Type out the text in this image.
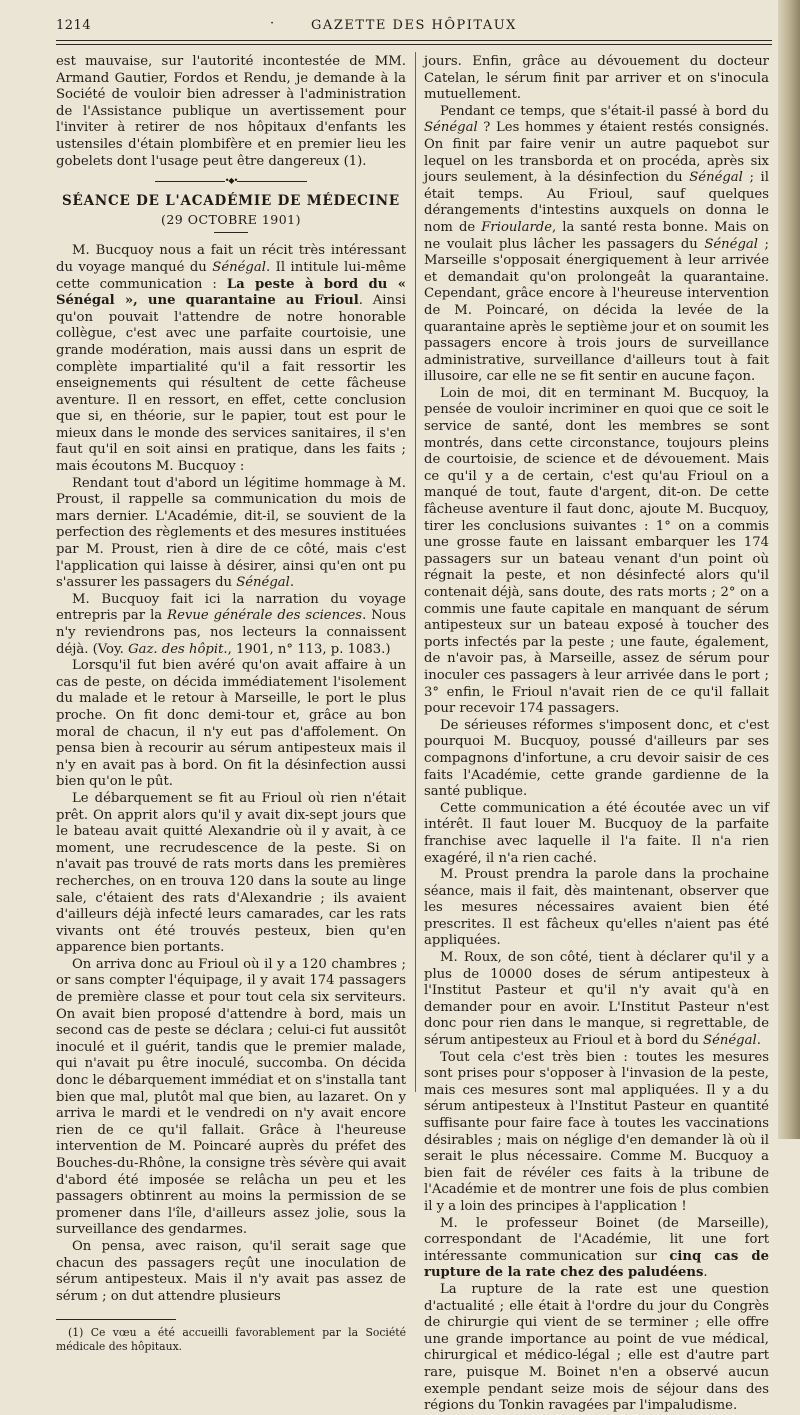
1214	·	GAZETTE DES HÔPITAUX

est mauvaise, sur l'autorité incontestée de MM. Armand Gautier, Fordos et Rendu, je demande à la Société de vouloir bien adresser à l'administration de l'Assistance publique un avertissement pour l'inviter à retirer de nos hôpitaux d'enfants les ustensiles d'étain plombifère et en premier lieu les gobelets dont l'usage peut être dangereux (1).

•◆•
SÉANCE DE L'ACADÉMIE DE MÉDECINE
(29 OCTOBRE 1901)

M. Bucquoy nous a fait un récit très intéressant du voyage manqué du Sénégal. Il intitule lui-même cette communication : La peste à bord du « Sénégal », une quarantaine au Frioul. Ainsi qu'on pouvait l'attendre de notre honorable collègue, c'est avec une parfaite courtoisie, une grande modération, mais aussi dans un esprit de complète impartialité qu'il a fait ressortir les enseignements qui résultent de cette fâcheuse aventure. Il en ressort, en effet, cette conclusion que si, en théorie, sur le papier, tout est pour le mieux dans le monde des services sanitaires, il s'en faut qu'il en soit ainsi en pratique, dans les faits ; mais écoutons M. Bucquoy :

Rendant tout d'abord un légitime hommage à M. Proust, il rappelle sa communication du mois de mars dernier. L'Académie, dit-il, se souvient de la perfection des règlements et des mesures instituées par M. Proust, rien à dire de ce côté, mais c'est l'application qui laisse à désirer, ainsi qu'en ont pu s'assurer les passagers du Sénégal.

M. Bucquoy fait ici la narration du voyage entrepris par la Revue générale des sciences. Nous n'y reviendrons pas, nos lecteurs la connaissent déjà. (Voy. Gaz. des hôpit., 1901, n° 113, p. 1083.)

Lorsqu'il fut bien avéré qu'on avait affaire à un cas de peste, on décida immédiatement l'isolement du malade et le retour à Marseille, le port le plus proche. On fit donc demi-tour et, grâce au bon moral de chacun, il n'y eut pas d'affolement. On pensa bien à recourir au sérum antipesteux mais il n'y en avait pas à bord. On fit la désinfection aussi bien qu'on le pût.

Le débarquement se fit au Frioul où rien n'était prêt. On apprit alors qu'il y avait dix-sept jours que le bateau avait quitté Alexandrie où il y avait, à ce moment, une recrudescence de la peste. Si on n'avait pas trouvé de rats morts dans les premières recherches, on en trouva 120 dans la soute au linge sale, c'étaient des rats d'Alexandrie ; ils avaient d'ailleurs déjà infecté leurs camarades, car les rats vivants ont été trouvés pesteux, bien qu'en apparence bien portants.

On arriva donc au Frioul où il y a 120 chambres ; or sans compter l'équipage, il y avait 174 passagers de première classe et pour tout cela six serviteurs. On avait bien proposé d'attendre à bord, mais un second cas de peste se déclara ; celui-ci fut aussitôt inoculé et il guérit, tandis que le premier malade, qui n'avait pu être inoculé, succomba. On décida donc le débarquement immédiat et on s'installa tant bien que mal, plutôt mal que bien, au lazaret. On y arriva le mardi et le vendredi on n'y avait encore rien de ce qu'il fallait. Grâce à l'heureuse intervention de M. Poincaré auprès du préfet des Bouches-du-Rhône, la consigne très sévère qui avait d'abord été imposée se relâcha un peu et les passagers obtinrent au moins la permission de se promener dans l'île, d'ailleurs assez jolie, sous la surveillance des gendarmes.

On pensa, avec raison, qu'il serait sage que chacun des passagers reçût une inoculation de sérum antipesteux. Mais il n'y avait pas assez de sérum ; on dut attendre plusieurs

(1) Ce vœu a été accueilli favorablement par la Société médicale des hôpitaux.

jours. Enfin, grâce au dévouement du docteur Catelan, le sérum finit par arriver et on s'inocula mutuellement.

Pendant ce temps, que s'était-il passé à bord du Sénégal ? Les hommes y étaient restés consignés. On finit par faire venir un autre paquebot sur lequel on les transborda et on procéda, après six jours seulement, à la désinfection du Sénégal ; il était temps. Au Frioul, sauf quelques dérangements d'intestins auxquels on donna le nom de Frioularde, la santé resta bonne. Mais on ne voulait plus lâcher les passagers du Sénégal ; Marseille s'opposait énergiquement à leur arrivée et demandait qu'on prolongeât la quarantaine. Cependant, grâce encore à l'heureuse intervention de M. Poincaré, on décida la levée de la quarantaine après le septième jour et on soumit les passagers encore à trois jours de surveillance administrative, surveillance d'ailleurs tout à fait illusoire, car elle ne se fit sentir en aucune façon.

Loin de moi, dit en terminant M. Bucquoy, la pensée de vouloir incriminer en quoi que ce soit le service de santé, dont les membres se sont montrés, dans cette circonstance, toujours pleins de courtoisie, de science et de dévouement. Mais ce qu'il y a de certain, c'est qu'au Frioul on a manqué de tout, faute d'argent, dit-on. De cette fâcheuse aventure il faut donc, ajoute M. Bucquoy, tirer les conclusions suivantes : 1° on a commis une grosse faute en laissant embarquer les 174 passagers sur un bateau venant d'un point où régnait la peste, et non désinfecté alors qu'il contenait déjà, sans doute, des rats morts ; 2° on a commis une faute capitale en manquant de sérum antipesteux sur un bateau exposé à toucher des ports infectés par la peste ; une faute, également, de n'avoir pas, à Marseille, assez de sérum pour inoculer ces passagers à leur arrivée dans le port ; 3° enfin, le Frioul n'avait rien de ce qu'il fallait pour recevoir 174 passagers.

De sérieuses réformes s'imposent donc, et c'est pourquoi M. Bucquoy, poussé d'ailleurs par ses compagnons d'infortune, a cru devoir saisir de ces faits l'Académie, cette grande gardienne de la santé publique.

Cette communication a été écoutée avec un vif intérêt. Il faut louer M. Bucquoy de la parfaite franchise avec laquelle il l'a faite. Il n'a rien exagéré, il n'a rien caché.

M. Proust prendra la parole dans la prochaine séance, mais il fait, dès maintenant, observer que les mesures nécessaires avaient bien été prescrites. Il est fâcheux qu'elles n'aient pas été appliquées.

M. Roux, de son côté, tient à déclarer qu'il y a plus de 10000 doses de sérum antipesteux à l'Institut Pasteur et qu'il n'y avait qu'à en demander pour en avoir. L'Institut Pasteur n'est donc pour rien dans le manque, si regrettable, de sérum antipesteux au Frioul et à bord du Sénégal.

Tout cela c'est très bien : toutes les mesures sont prises pour s'opposer à l'invasion de la peste, mais ces mesures sont mal appliquées. Il y a du sérum antipesteux à l'Institut Pasteur en quantité suffisante pour faire face à toutes les vaccinations désirables ; mais on néglige d'en demander là où il serait le plus nécessaire. Comme M. Bucquoy a bien fait de révéler ces faits à la tribune de l'Académie et de montrer une fois de plus combien il y a loin des principes à l'application !

M. le professeur Boinet (de Marseille), correspondant de l'Académie, lit une fort intéressante communication sur cinq cas de rupture de la rate chez des paludéens.

La rupture de la rate est une question d'actualité ; elle était à l'ordre du jour du Congrès de chirurgie qui vient de se terminer ; elle offre une grande importance au point de vue médical, chirurgical et médico-légal ; elle est d'autre part rare, puisque M. Boinet n'en a observé aucun exemple pendant seize mois de séjour dans des régions du Tonkin ravagées par l'impaludisme.
